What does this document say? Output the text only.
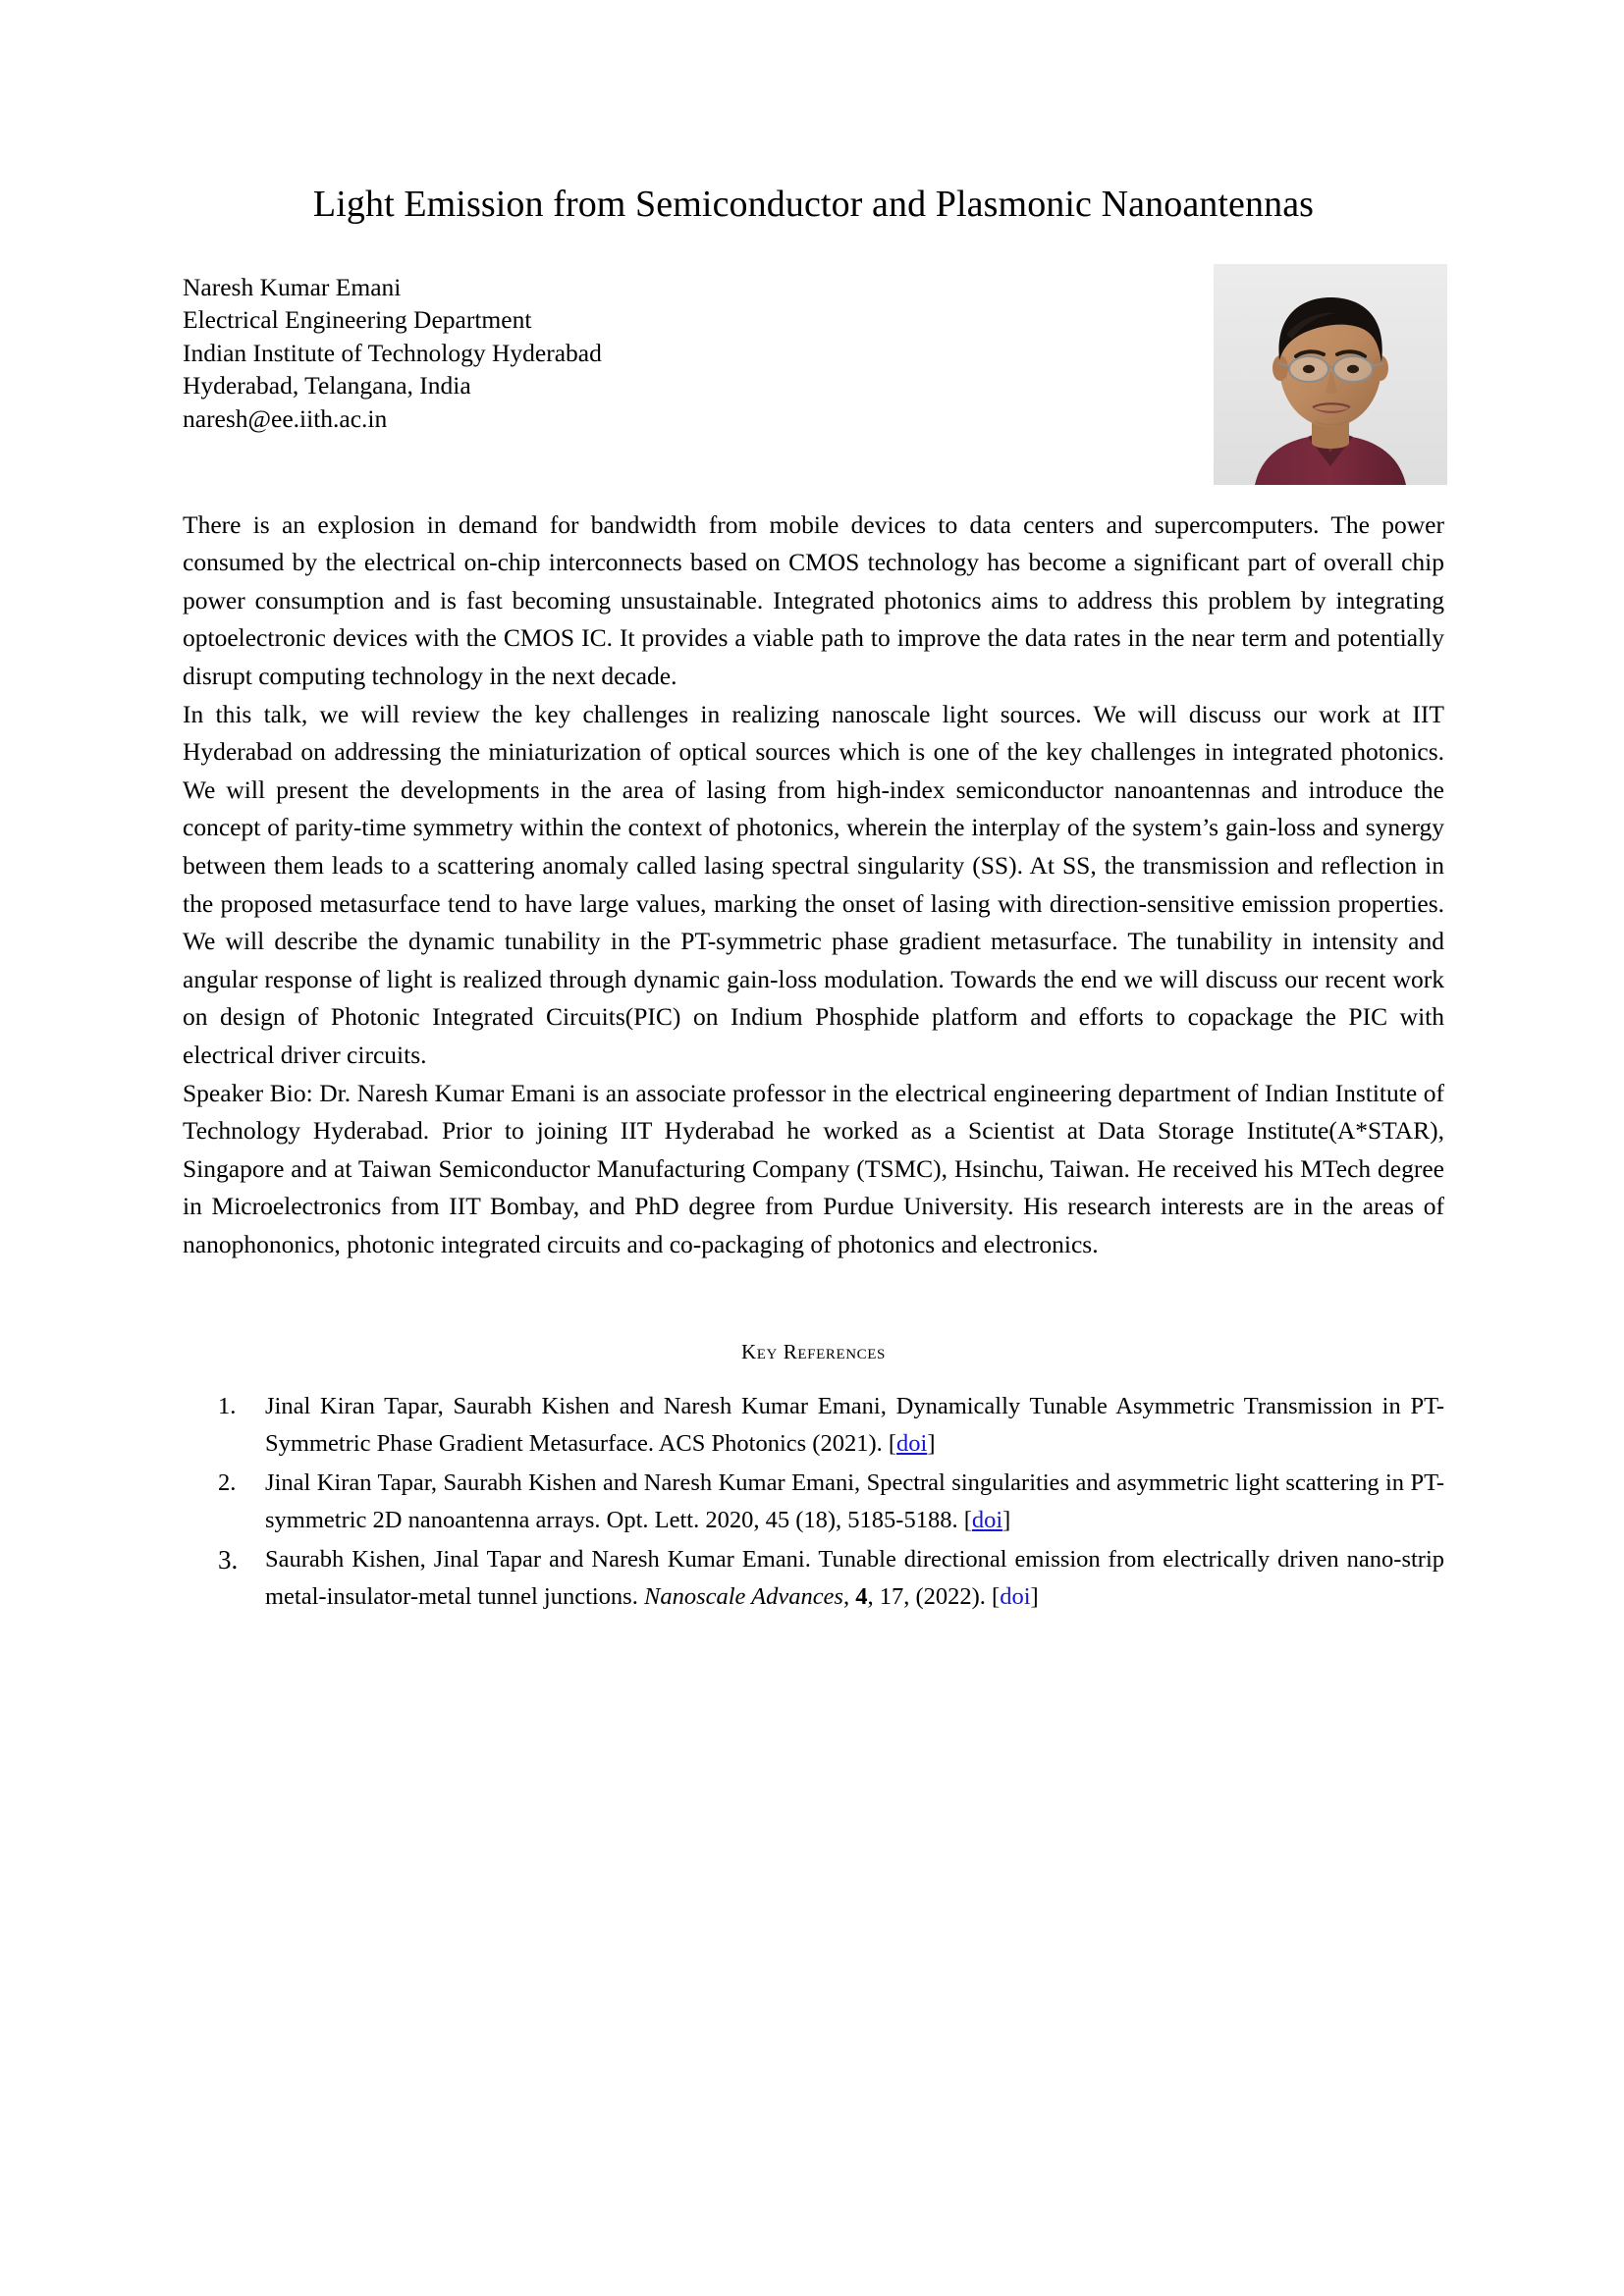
Light Emission from Semiconductor and Plasmonic Nanoantennas
Naresh Kumar Emani
Electrical Engineering Department
Indian Institute of Technology Hyderabad
Hyderabad, Telangana, India
naresh@ee.iith.ac.in

There is an explosion in demand for bandwidth from mobile devices to data centers and supercomputers. The power consumed by the electrical on-chip interconnects based on CMOS technology has become a significant part of overall chip power consumption and is fast becoming unsustainable. Integrated photonics aims to address this problem by integrating optoelectronic devices with the CMOS IC. It provides a viable path to improve the data rates in the near term and potentially disrupt computing technology in the next decade.

In this talk, we will review the key challenges in realizing nanoscale light sources. We will discuss our work at IIT Hyderabad on addressing the miniaturization of optical sources which is one of the key challenges in integrated photonics. We will present the developments in the area of lasing from high-index semiconductor nanoantennas and introduce the concept of parity-time symmetry within the context of photonics, wherein the interplay of the system’s gain-loss and synergy between them leads to a scattering anomaly called lasing spectral singularity (SS). At SS, the transmission and reflection in the proposed metasurface tend to have large values, marking the onset of lasing with direction-sensitive emission properties. We will describe the dynamic tunability in the PT-symmetric phase gradient metasurface. The tunability in intensity and angular response of light is realized through dynamic gain-loss modulation. Towards the end we will discuss our recent work on design of Photonic Integrated Circuits(PIC) on Indium Phosphide platform and efforts to copackage the PIC with electrical driver circuits.

Speaker Bio: Dr. Naresh Kumar Emani is an associate professor in the electrical engineering department of Indian Institute of Technology Hyderabad. Prior to joining IIT Hyderabad he worked as a Scientist at Data Storage Institute(A*STAR), Singapore and at Taiwan Semiconductor Manufacturing Company (TSMC), Hsinchu, Taiwan. He received his MTech degree in Microelectronics from IIT Bombay, and PhD degree from Purdue University. His research interests are in the areas of nanophononics, photonic integrated circuits and co-packaging of photonics and electronics.

Key References
1. Jinal Kiran Tapar, Saurabh Kishen and Naresh Kumar Emani, Dynamically Tunable Asymmetric Transmission in PT-Symmetric Phase Gradient Metasurface. ACS Photonics (2021). [doi]
2. Jinal Kiran Tapar, Saurabh Kishen and Naresh Kumar Emani, Spectral singularities and asymmetric light scattering in PT-symmetric 2D nanoantenna arrays. Opt. Lett. 2020, 45 (18), 5185-5188. [doi]
3. Saurabh Kishen, Jinal Tapar and Naresh Kumar Emani. Tunable directional emission from electrically driven nano-strip metal-insulator-metal tunnel junctions. Nanoscale Advances, 4, 17, (2022). [doi]
